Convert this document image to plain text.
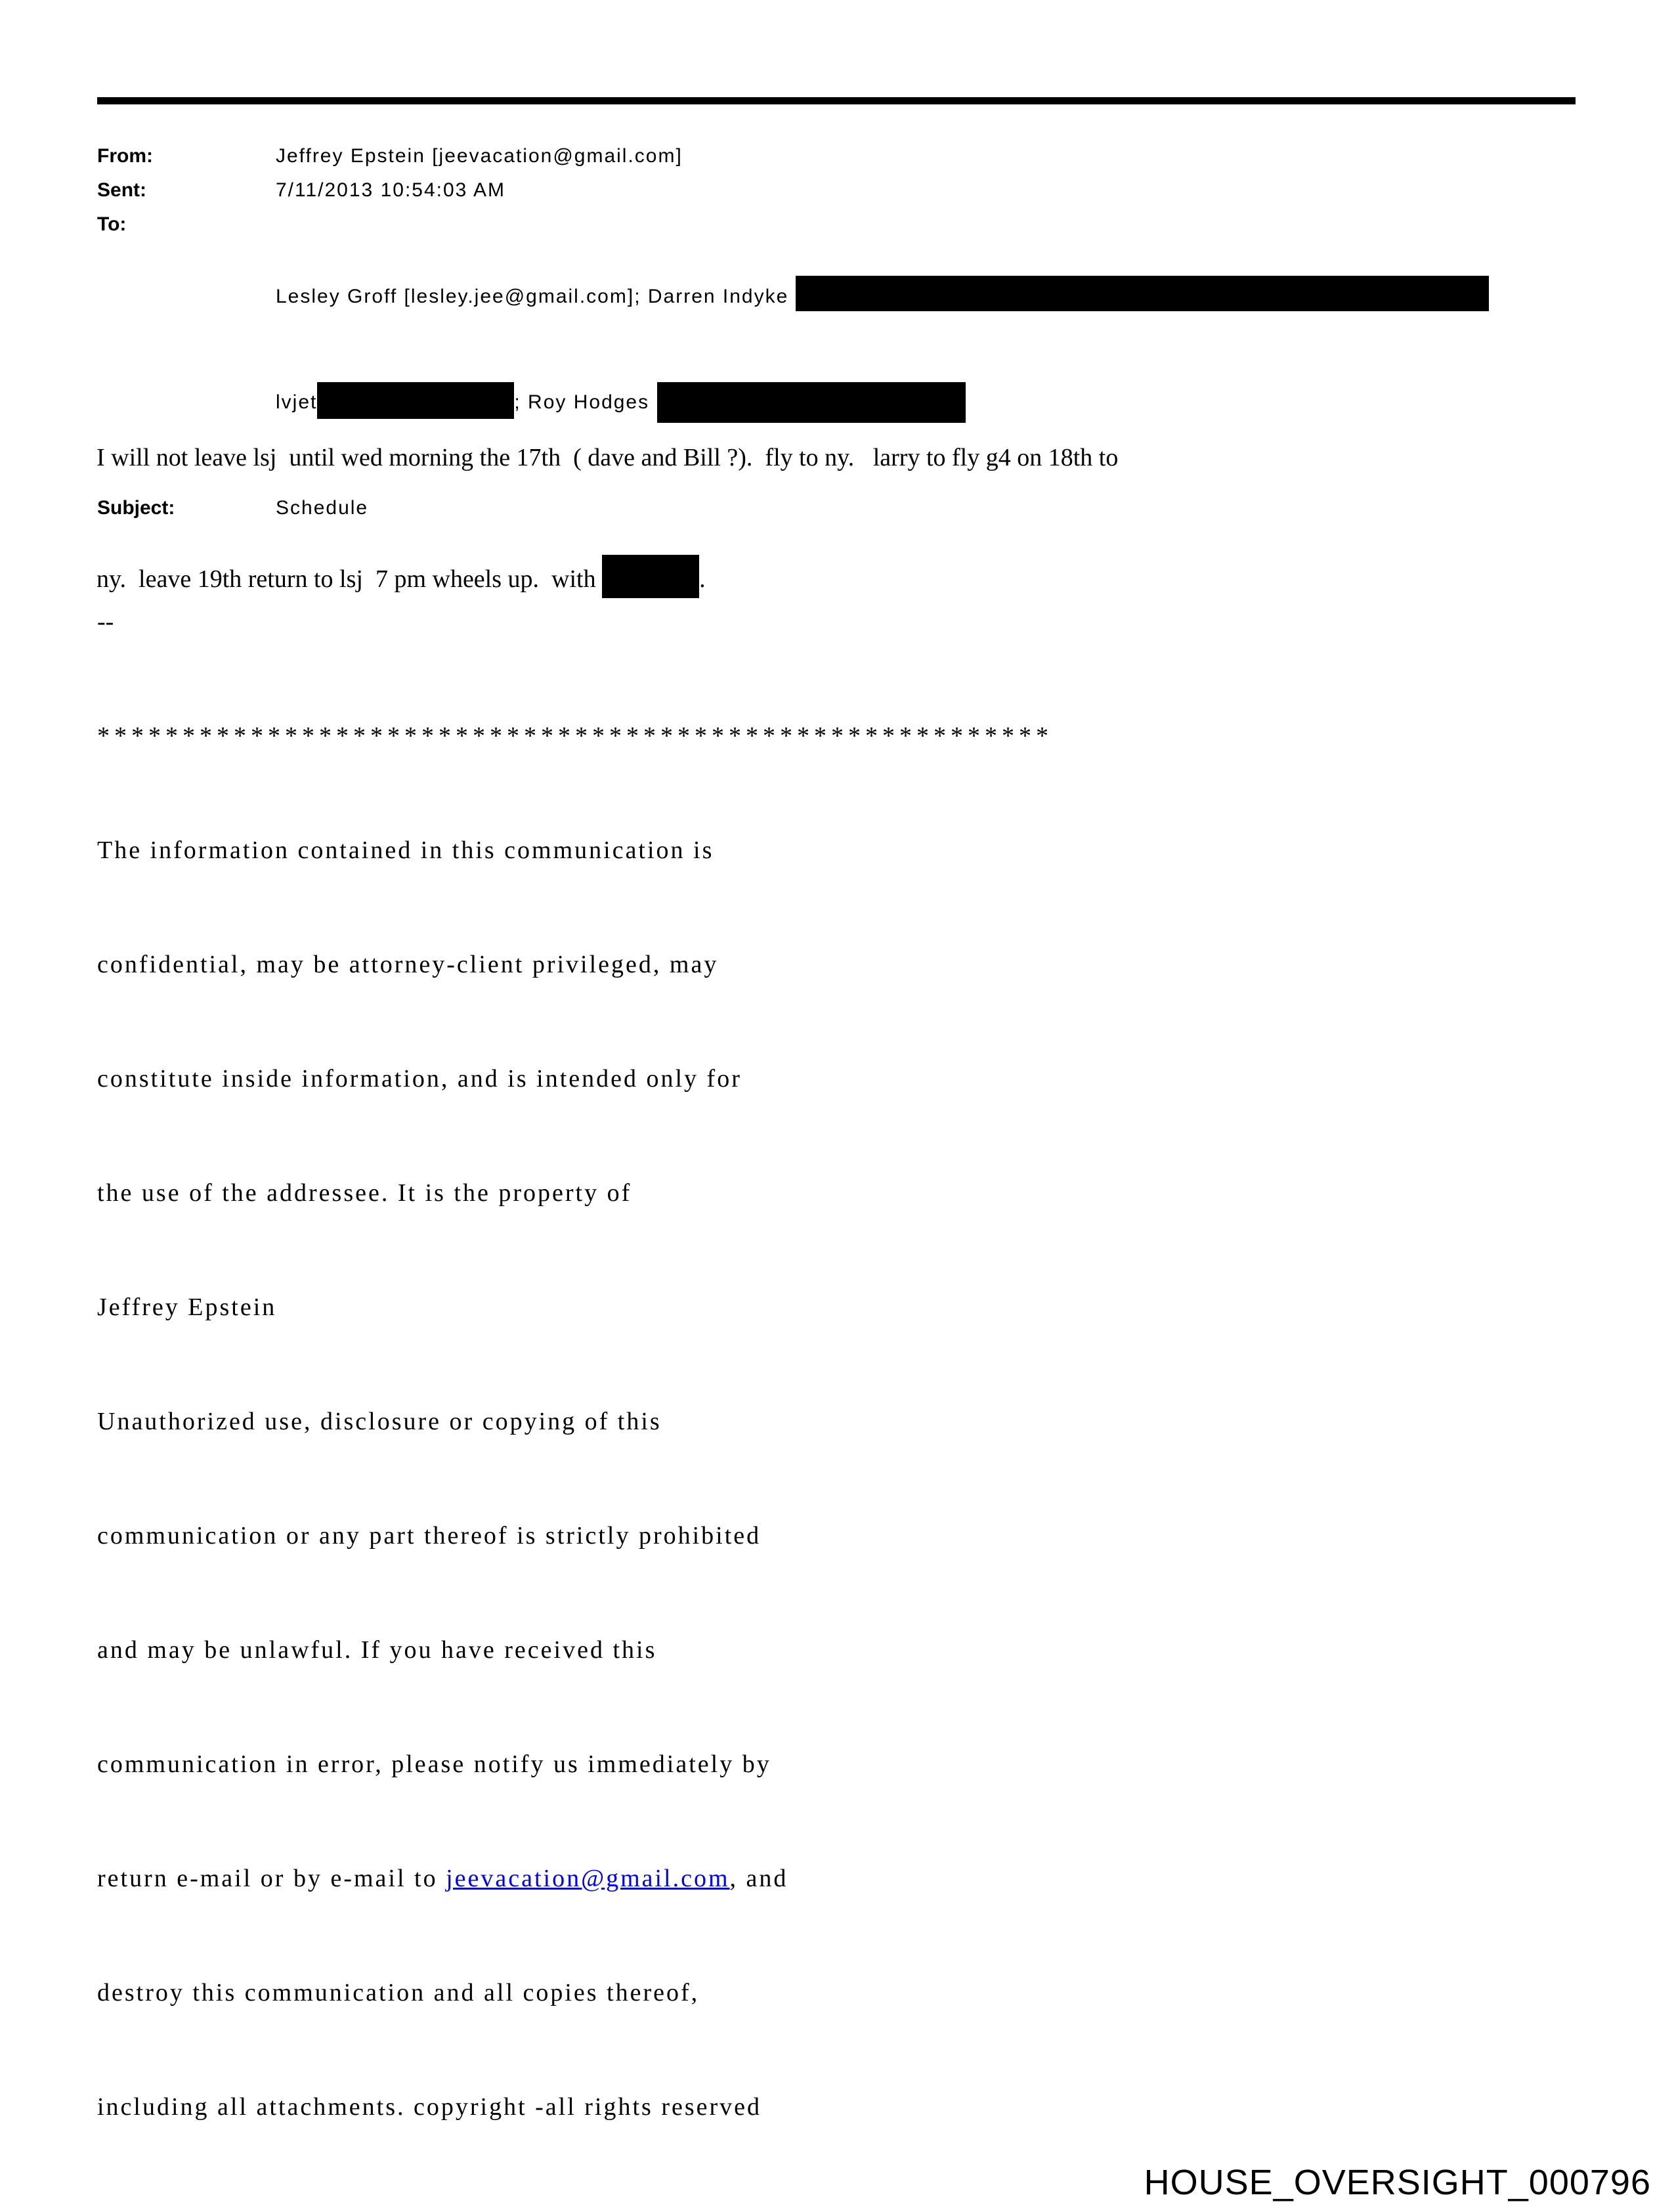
From:	Jeffrey Epstein [jeevacation@gmail.com]
Sent:	7/11/2013 10:54:03 AM
To:

Lesley Groff [lesley.jee@gmail.com]; Darren Indyke

lvjet	; Roy Hodges

Subject:	Schedule

I will not leave lsj  until wed morning the 17th  ( dave and Bill ?).  fly to ny.   larry to fly g4 on 18th to

ny.  leave 19th return to lsj  7 pm wheels up.  with	.

--

********************************************************

The information contained in this communication is

confidential, may be attorney-client privileged, may

constitute inside information, and is intended only for

the use of the addressee. It is the property of

Jeffrey Epstein

Unauthorized use, disclosure or copying of this

communication or any part thereof is strictly prohibited

and may be unlawful. If you have received this

communication in error, please notify us immediately by

return e-mail or by e-mail to jeevacation@gmail.com, and

destroy this communication and all copies thereof,

including all attachments. copyright -all rights reserved

HOUSE_OVERSIGHT_000796
